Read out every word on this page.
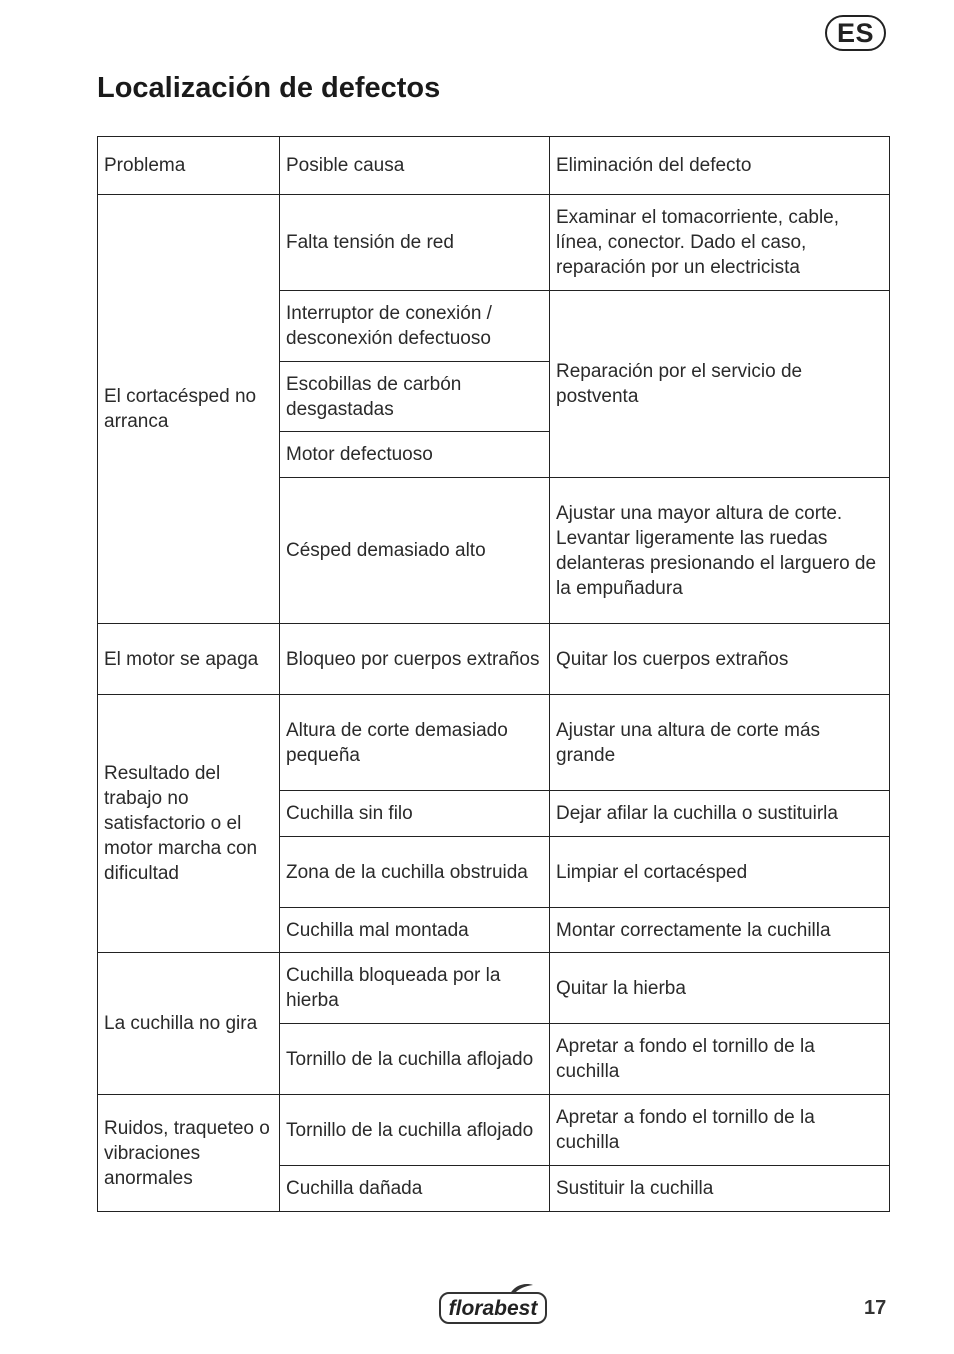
ES
Localización de defectos
Problema	Posible causa	Eliminación del defecto
El cortacésped no arranca	Falta tensión de red	Examinar el tomacorriente, cable, línea, conector. Dado el caso, reparación por un electricista
	Interruptor de conexión / desconexión defectuoso	Reparación por el servicio de postventa
	Escobillas de carbón desgastadas	
	Motor defectuoso	
	Césped demasiado alto	Ajustar una mayor altura de corte. Levantar ligeramente las ruedas delanteras presionando el larguero de la empuñadura
El motor se apaga	Bloqueo por cuerpos extraños	Quitar los cuerpos extraños
Resultado del trabajo no satisfactorio o el motor marcha con dificultad	Altura de corte demasiado pequeña	Ajustar una altura de corte más grande
	Cuchilla sin filo	Dejar afilar la cuchilla o sustituirla
	Zona de la cuchilla obstruida	Limpiar el cortacésped
	Cuchilla mal montada	Montar correctamente la cuchilla
La cuchilla no gira	Cuchilla bloqueada por la hierba	Quitar la hierba
	Tornillo de la cuchilla aflojado	Apretar a fondo el tornillo de la cuchilla
Ruidos, traqueteo o vibraciones anormales	Tornillo de la cuchilla aflojado	Apretar a fondo el tornillo de la cuchilla
	Cuchilla dañada	Sustituir la cuchilla
florabest	17
